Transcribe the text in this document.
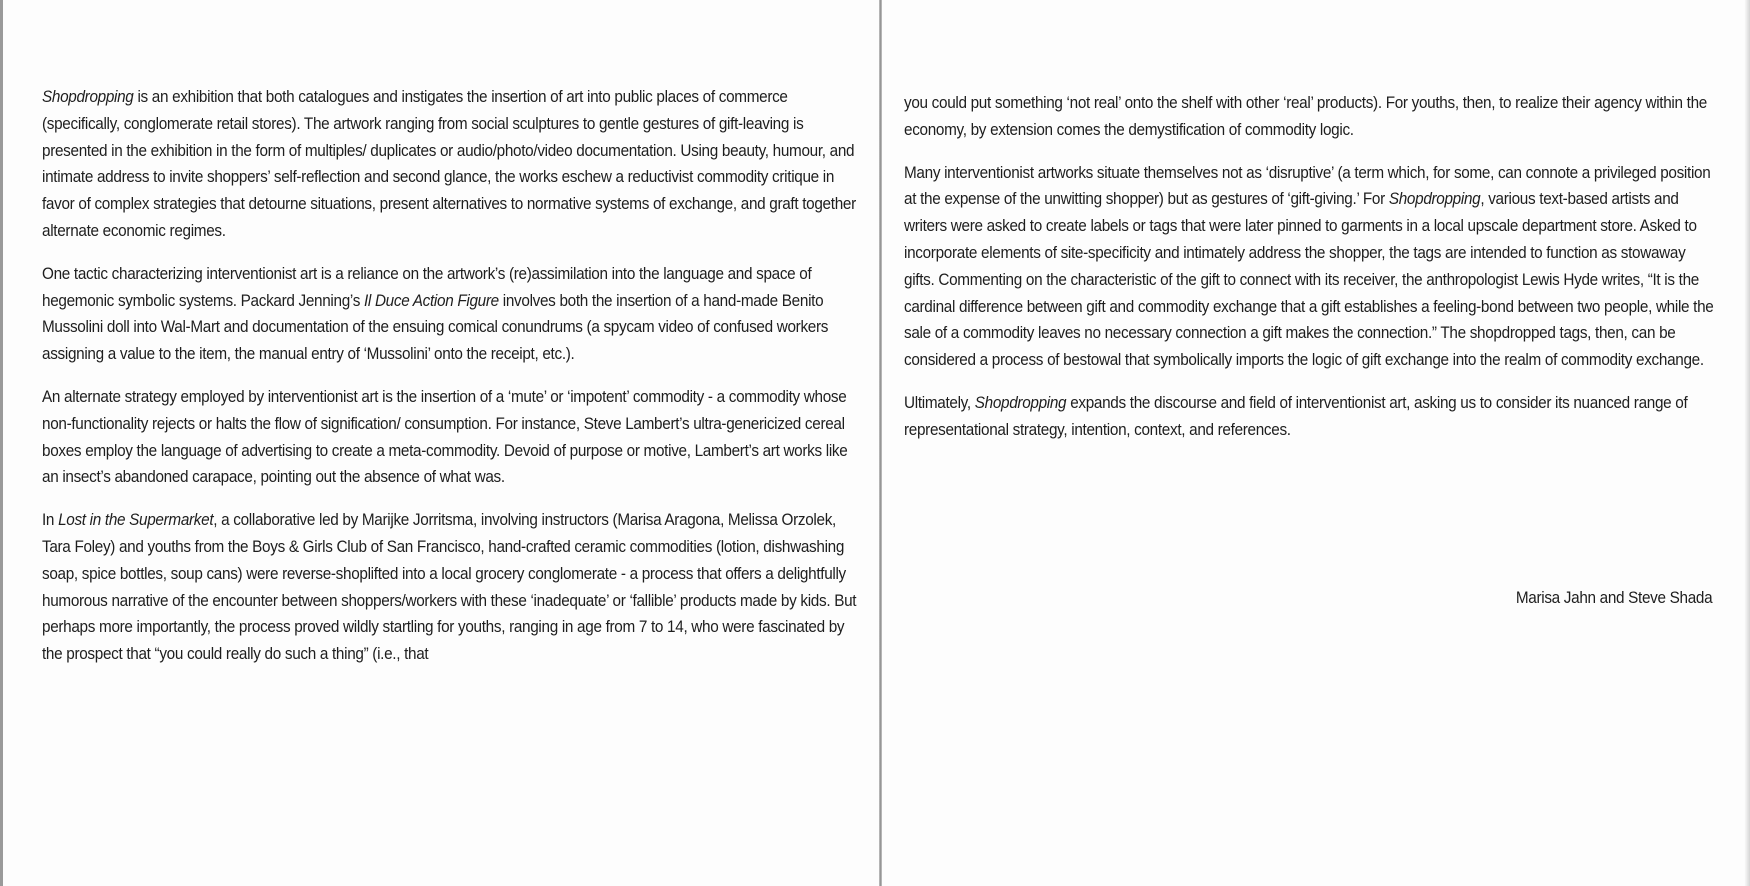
Shopdropping is an exhibition that both catalogues and instigates the insertion of art into public places of commerce (specifically, conglomerate retail stores). The artwork ranging from social sculptures to gentle gestures of gift-leaving is presented in the exhibition in the form of multiples/ duplicates or audio/photo/video documentation. Using beauty, humour, and intimate address to invite shoppers’ self-reflection and second glance, the works eschew a reductivist commodity critique in favor of complex strategies that detourne situations, present alternatives to normative systems of exchange, and graft together alternate economic regimes.

One tactic characterizing interventionist art is a reliance on the artwork’s (re)assimilation into the language and space of hegemonic symbolic systems. Packard Jenning’s Il Duce Action Figure involves both the insertion of a hand-made Benito Mussolini doll into Wal-Mart and documentation of the ensuing comical conundrums (a spycam video of confused workers assigning a value to the item, the manual entry of ‘Mussolini’ onto the receipt, etc.).

An alternate strategy employed by interventionist art is the insertion of a ‘mute’ or ‘impotent’ commodity - a commodity whose non-functionality rejects or halts the flow of signification/ consumption. For instance, Steve Lambert’s ultra-genericized cereal boxes employ the language of advertising to create a meta-commodity. Devoid of purpose or motive, Lambert’s art works like an insect’s abandoned carapace, pointing out the absence of what was.

In Lost in the Supermarket, a collaborative led by Marijke Jorritsma, involving instructors (Marisa Aragona, Melissa Orzolek, Tara Foley) and youths from the Boys & Girls Club of San Francisco, hand-crafted ceramic commodities (lotion, dishwashing soap, spice bottles, soup cans) were reverse-shoplifted into a local grocery conglomerate - a process that offers a delightfully humorous narrative of the encounter between shoppers/workers with these ‘inadequate’ or ‘fallible’ products made by kids. But perhaps more importantly, the process proved wildly startling for youths, ranging in age from 7 to 14, who were fascinated by the prospect that “you could really do such a thing” (i.e., that

you could put something ‘not real’ onto the shelf with other ‘real’ products). For youths, then, to realize their agency within the economy, by extension comes the demystification of commodity logic.

Many interventionist artworks situate themselves not as ‘disruptive’ (a term which, for some, can connote a privileged position at the expense of the unwitting shopper) but as gestures of ‘gift-giving.’ For Shopdropping, various text-based artists and writers were asked to create labels or tags that were later pinned to garments in a local upscale department store. Asked to incorporate elements of site-specificity and intimately address the shopper, the tags are intended to function as stowaway gifts. Commenting on the characteristic of the gift to connect with its receiver, the anthropologist Lewis Hyde writes, “It is the cardinal difference between gift and commodity exchange that a gift establishes a feeling-bond between two people, while the sale of a commodity leaves no necessary connection a gift makes the connection.” The shopdropped tags, then, can be considered a process of bestowal that symbolically imports the logic of gift exchange into the realm of commodity exchange.

Ultimately, Shopdropping expands the discourse and field of interventionist art, asking us to consider its nuanced range of representational strategy, intention, context, and references.

Marisa Jahn and Steve Shada
